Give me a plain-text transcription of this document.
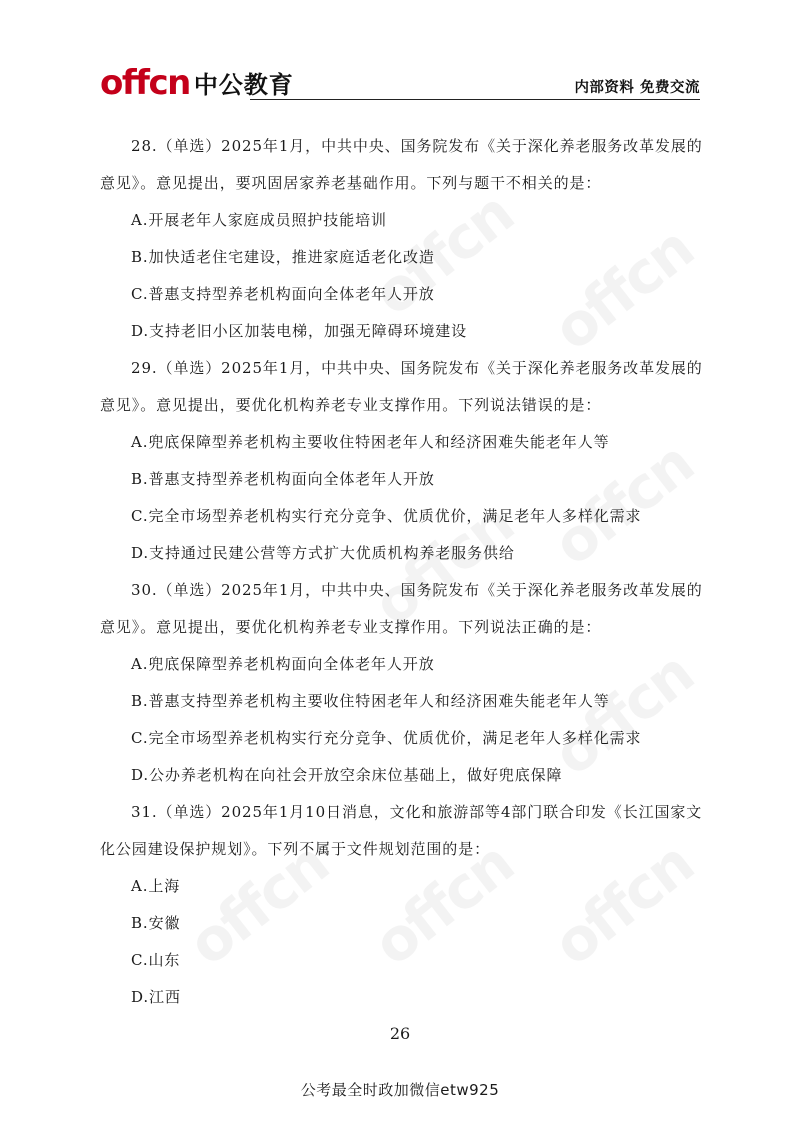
offcn 中公教育	内部资料 免费交流

28.（单选）2025年1月，中共中央、国务院发布《关于深化养老服务改革发展的意见》。意见提出，要巩固居家养老基础作用。下列与题干不相关的是：

A.开展老年人家庭成员照护技能培训

B.加快适老住宅建设，推进家庭适老化改造

C.普惠支持型养老机构面向全体老年人开放

D.支持老旧小区加装电梯，加强无障碍环境建设

29.（单选）2025年1月，中共中央、国务院发布《关于深化养老服务改革发展的意见》。意见提出，要优化机构养老专业支撑作用。下列说法错误的是：

A.兜底保障型养老机构主要收住特困老年人和经济困难失能老年人等

B.普惠支持型养老机构面向全体老年人开放

C.完全市场型养老机构实行充分竞争、优质优价，满足老年人多样化需求

D.支持通过民建公营等方式扩大优质机构养老服务供给

30.（单选）2025年1月，中共中央、国务院发布《关于深化养老服务改革发展的意见》。意见提出，要优化机构养老专业支撑作用。下列说法正确的是：

A.兜底保障型养老机构面向全体老年人开放

B.普惠支持型养老机构主要收住特困老年人和经济困难失能老年人等

C.完全市场型养老机构实行充分竞争、优质优价，满足老年人多样化需求

D.公办养老机构在向社会开放空余床位基础上，做好兜底保障

31.（单选）2025年1月10日消息，文化和旅游部等4部门联合印发《长江国家文化公园建设保护规划》。下列不属于文件规划范围的是：

A.上海

B.安徽

C.山东

D.江西

26
公考最全时政加微信etw925
